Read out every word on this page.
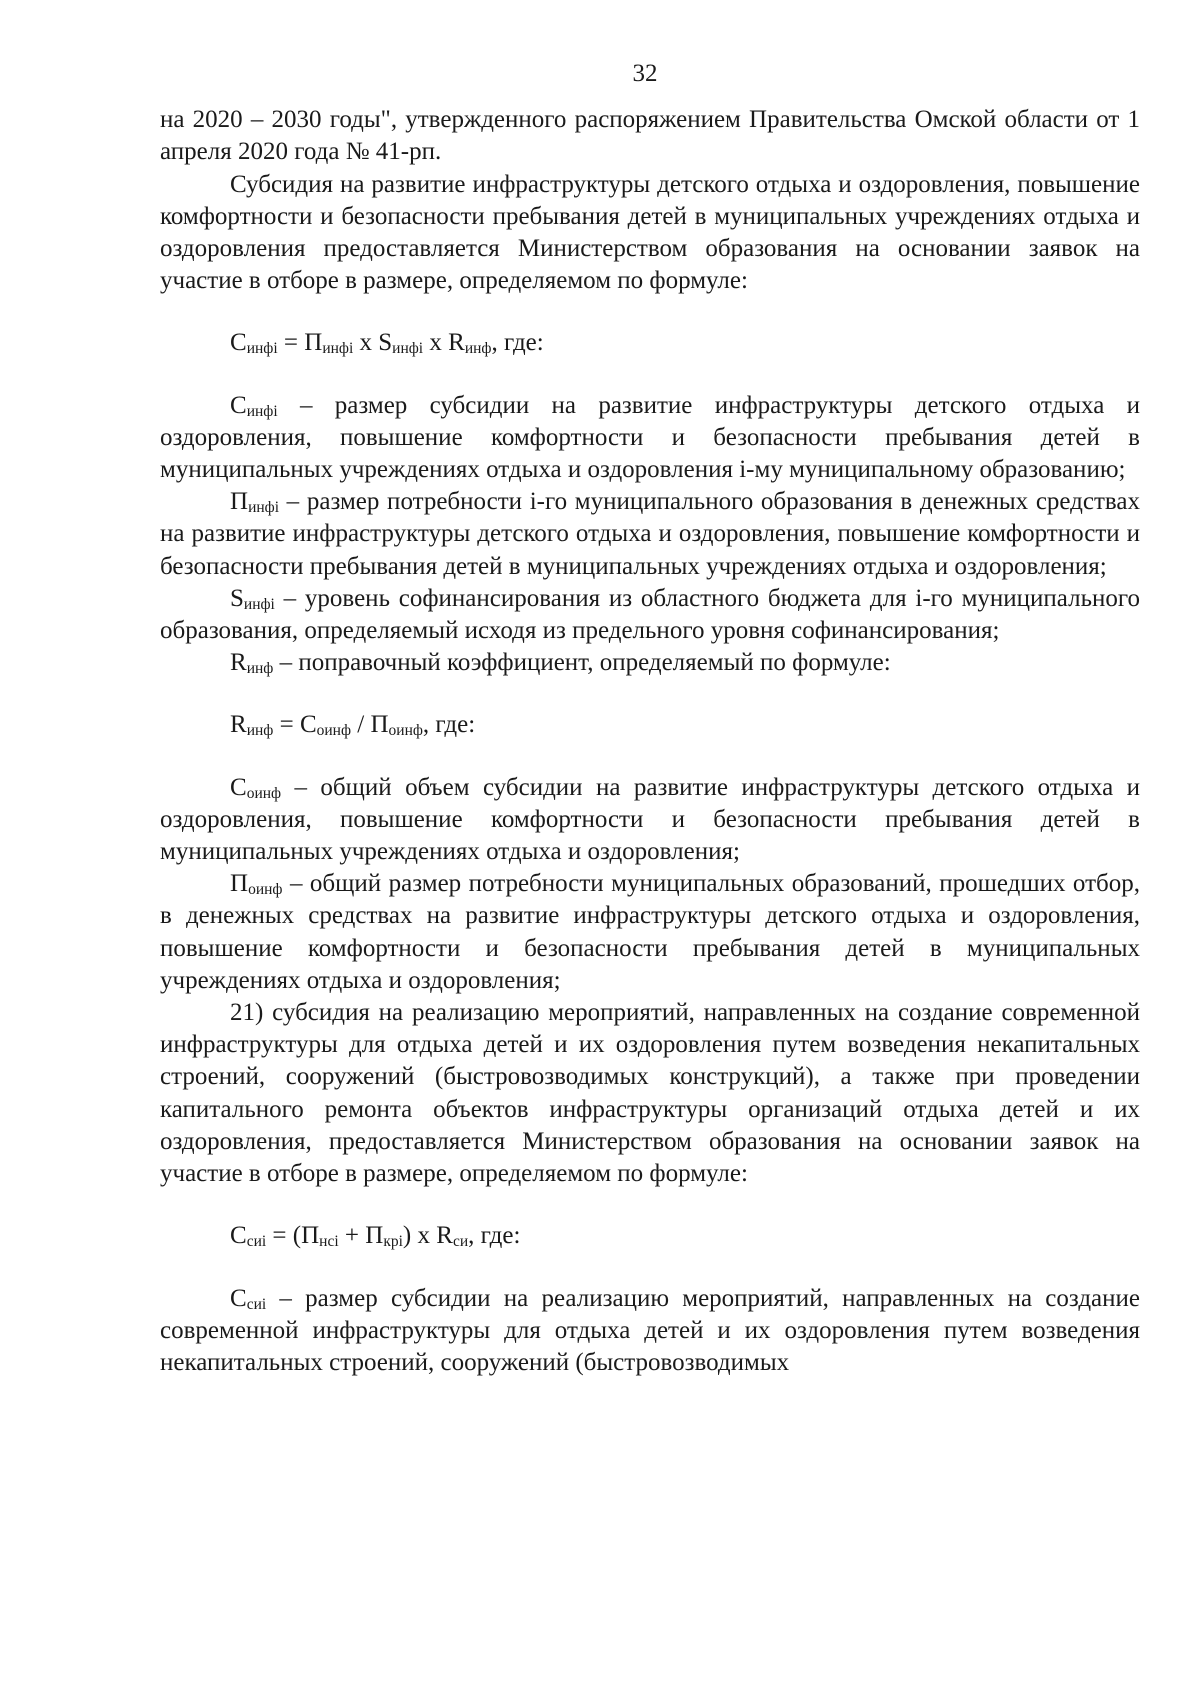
32

на 2020 – 2030 годы", утвержденного распоряжением Правительства Омской области от 1 апреля 2020 года № 41-рп.

Субсидия на развитие инфраструктуры детского отдыха и оздоровления, повышение комфортности и безопасности пребывания детей в муниципальных учреждениях отдыха и оздоровления предоставляется Министерством образования на основании заявок на участие в отборе в размере, определяемом по формуле:

$С_{инфi} = П_{инфi}$ х $S_{инфi}$ х $R_{инф}$, где:

$С_{инфi}$ – размер субсидии на развитие инфраструктуры детского отдыха и оздоровления, повышение комфортности и безопасности пребывания детей в муниципальных учреждениях отдыха и оздоровления i-му муниципальному образованию;

$П_{инфi}$ – размер потребности i-го муниципального образования в денежных средствах на развитие инфраструктуры детского отдыха и оздоровления, повышение комфортности и безопасности пребывания детей в муниципальных учреждениях отдыха и оздоровления;

$S_{инфi}$ – уровень софинансирования из областного бюджета для i-го муниципального образования, определяемый исходя из предельного уровня софинансирования;

$R_{инф}$ – поправочный коэффициент, определяемый по формуле:

$R_{инф} = С_{оинф} / П_{оинф}$, где:

$С_{оинф}$ – общий объем субсидии на развитие инфраструктуры детского отдыха и оздоровления, повышение комфортности и безопасности пребывания детей в муниципальных учреждениях отдыха и оздоровления;

$П_{оинф}$ – общий размер потребности муниципальных образований, прошедших отбор, в денежных средствах на развитие инфраструктуры детского отдыха и оздоровления, повышение комфортности и безопасности пребывания детей в муниципальных учреждениях отдыха и оздоровления;

21) субсидия на реализацию мероприятий, направленных на создание современной инфраструктуры для отдыха детей и их оздоровления путем возведения некапитальных строений, сооружений (быстровозводимых конструкций), а также при проведении капитального ремонта объектов инфраструктуры организаций отдыха детей и их оздоровления, предоставляется Министерством образования на основании заявок на участие в отборе в размере, определяемом по формуле:

$С_{сиi} = (П_{нсi} + П_{крi})$ х $R_{си}$, где:

$С_{сиi}$ – размер субсидии на реализацию мероприятий, направленных на создание современной инфраструктуры для отдыха детей и их оздоровления путем возведения некапитальных строений, сооружений (быстровозводимых
